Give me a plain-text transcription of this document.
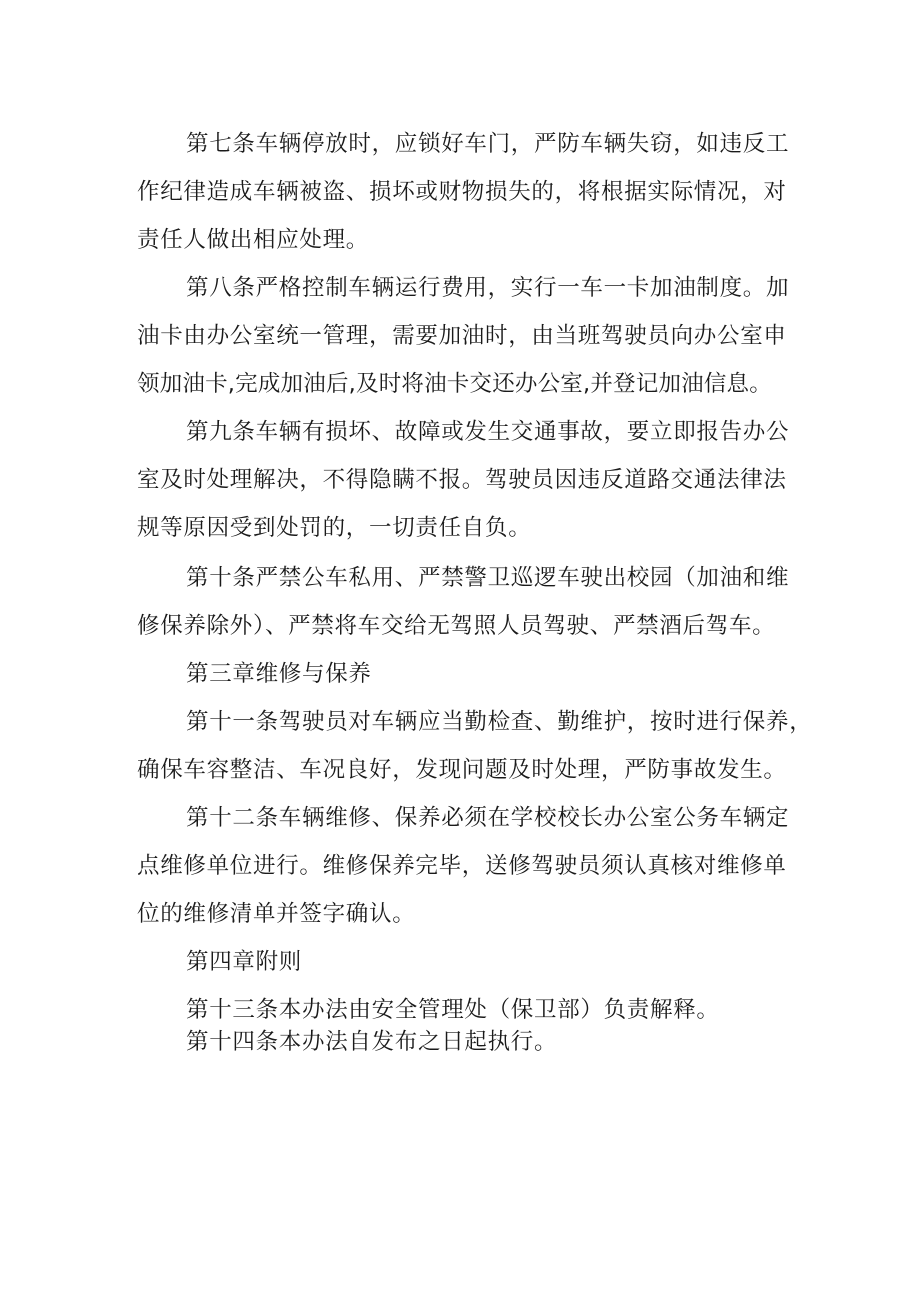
第七条车辆停放时，应锁好车门，严防车辆失窃，如违反工
作纪律造成车辆被盗、损坏或财物损失的，将根据实际情况，对
责任人做出相应处理。
第八条严格控制车辆运行费用，实行一车一卡加油制度。加
油卡由办公室统一管理，需要加油时，由当班驾驶员向办公室申
领加油卡,完成加油后,及时将油卡交还办公室,并登记加油信息。
第九条车辆有损坏、故障或发生交通事故，要立即报告办公
室及时处理解决，不得隐瞒不报。驾驶员因违反道路交通法律法
规等原因受到处罚的，一切责任自负。
第十条严禁公车私用、严禁警卫巡逻车驶出校园（加油和维
修保养除外）、严禁将车交给无驾照人员驾驶、严禁酒后驾车。
第三章维修与保养
第十一条驾驶员对车辆应当勤检查、勤维护，按时进行保养，
确保车容整洁、车况良好，发现问题及时处理，严防事故发生。
第十二条车辆维修、保养必须在学校校长办公室公务车辆定
点维修单位进行。维修保养完毕，送修驾驶员须认真核对维修单
位的维修清单并签字确认。
第四章附则
第十三条本办法由安全管理处（保卫部）负责解释。
第十四条本办法自发布之日起执行。
